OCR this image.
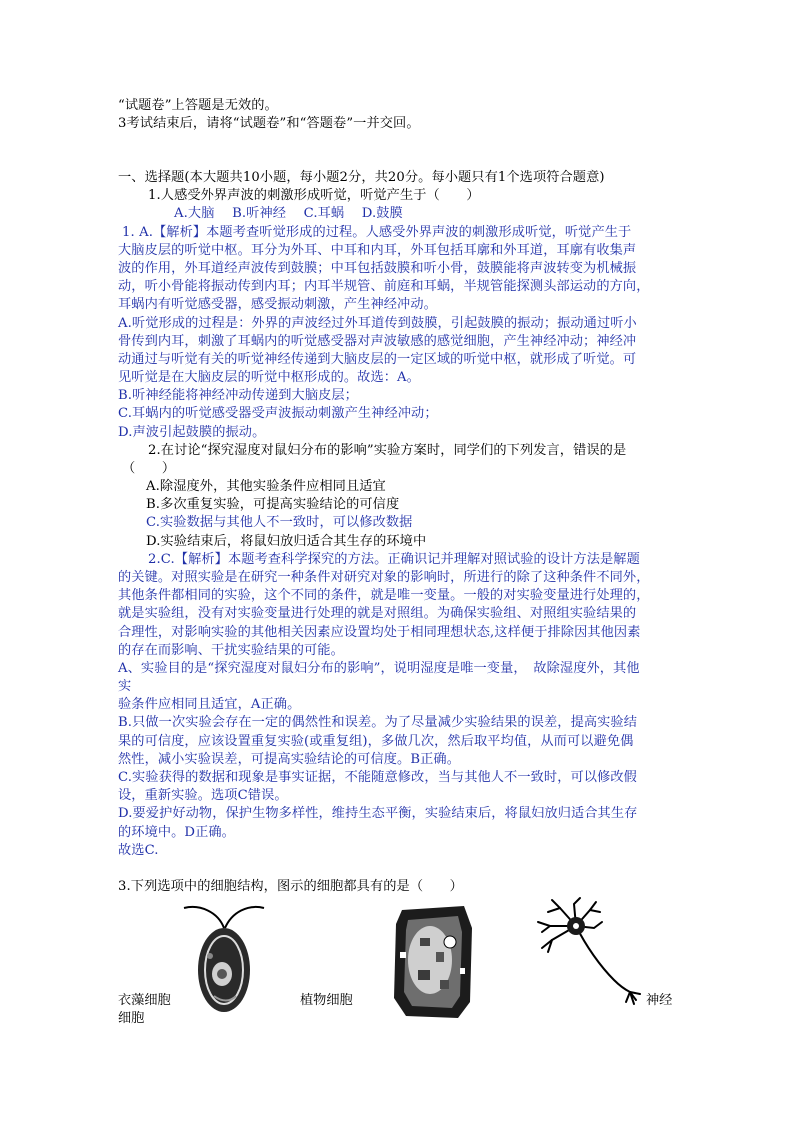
“试题卷”上答题是无效的。
3考试结束后，请将“试题卷”和“答题卷”一并交回。
一、选择题(本大题共10小题，每小题2分，共20分。每小题只有1个选项符合题意)
1.人感受外界声波的刺激形成听觉，听觉产生于（　　）
A.大脑　 B.听神经　 C.耳蜗　 D.鼓膜
1. A.【解析】本题考查听觉形成的过程。人感受外界声波的刺激形成听觉，听觉产生于
大脑皮层的听觉中枢。耳分为外耳、中耳和内耳，外耳包括耳廓和外耳道，耳廓有收集声
波的作用，外耳道经声波传到鼓膜；中耳包括鼓膜和听小骨，鼓膜能将声波转变为机械振
动，听小骨能将振动传到内耳；内耳半规管、前庭和耳蜗，半规管能探测头部运动的方向，
耳蜗内有听觉感受器，感受振动刺激，产生神经冲动。
A.听觉形成的过程是：外界的声波经过外耳道传到鼓膜，引起鼓膜的振动；振动通过听小
骨传到内耳，刺激了耳蜗内的听觉感受器对声波敏感的感觉细胞，产生神经冲动；神经冲
动通过与听觉有关的听觉神经传递到大脑皮层的一定区域的听觉中枢，就形成了听觉。可
见听觉是在大脑皮层的听觉中枢形成的。故选：A。
B.听神经能将神经冲动传递到大脑皮层；
C.耳蜗内的听觉感受器受声波振动刺激产生神经冲动；
D.声波引起鼓膜的振动。
2.在讨论“探究湿度对鼠妇分布的影响”实验方案时，同学们的下列发言，错误的是
（　　）
A.除湿度外，其他实验条件应相同且适宜
B.多次重复实验，可提高实验结论的可信度
C.实验数据与其他人不一致时，可以修改数据
D.实验结束后，将鼠妇放归适合其生存的环境中
2.C.【解析】本题考查科学探究的方法。正确识记并理解对照试验的设计方法是解题
的关键。对照实验是在研究一种条件对研究对象的影响时，所进行的除了这种条件不同外，
其他条件都相同的实验，这个不同的条件，就是唯一变量。一般的对实验变量进行处理的，
就是实验组，没有对实验变量进行处理的就是对照组。为确保实验组、对照组实验结果的
合理性，对影响实验的其他相关因素应设置均处于相同理想状态,这样便于排除因其他因素
的存在而影响、干扰实验结果的可能。
A、实验目的是“探究湿度对鼠妇分布的影响”，说明湿度是唯一变量，　故除湿度外，其他
实
验条件应相同且适宜，A正确。
B.只做一次实验会存在一定的偶然性和误差。为了尽量减少实验结果的误差，提高实验结
果的可信度，应该设置重复实验(或重复组)，多做几次，然后取平均值，从而可以避免偶
然性，减小实验误差，可提高实验结论的可信度。B正确。
C.实验获得的数据和现象是事实证据，不能随意修改，当与其他人不一致时，可以修改假
设，重新实验。选项C错误。
D.要爱护好动物，保护生物多样性，维持生态平衡，实验结束后，将鼠妇放归适合其生存
的环境中。D正确。
故选C.
3.下列选项中的细胞结构，图示的细胞都具有的是（　　）
衣藻细胞	植物细胞	神经
细胞
